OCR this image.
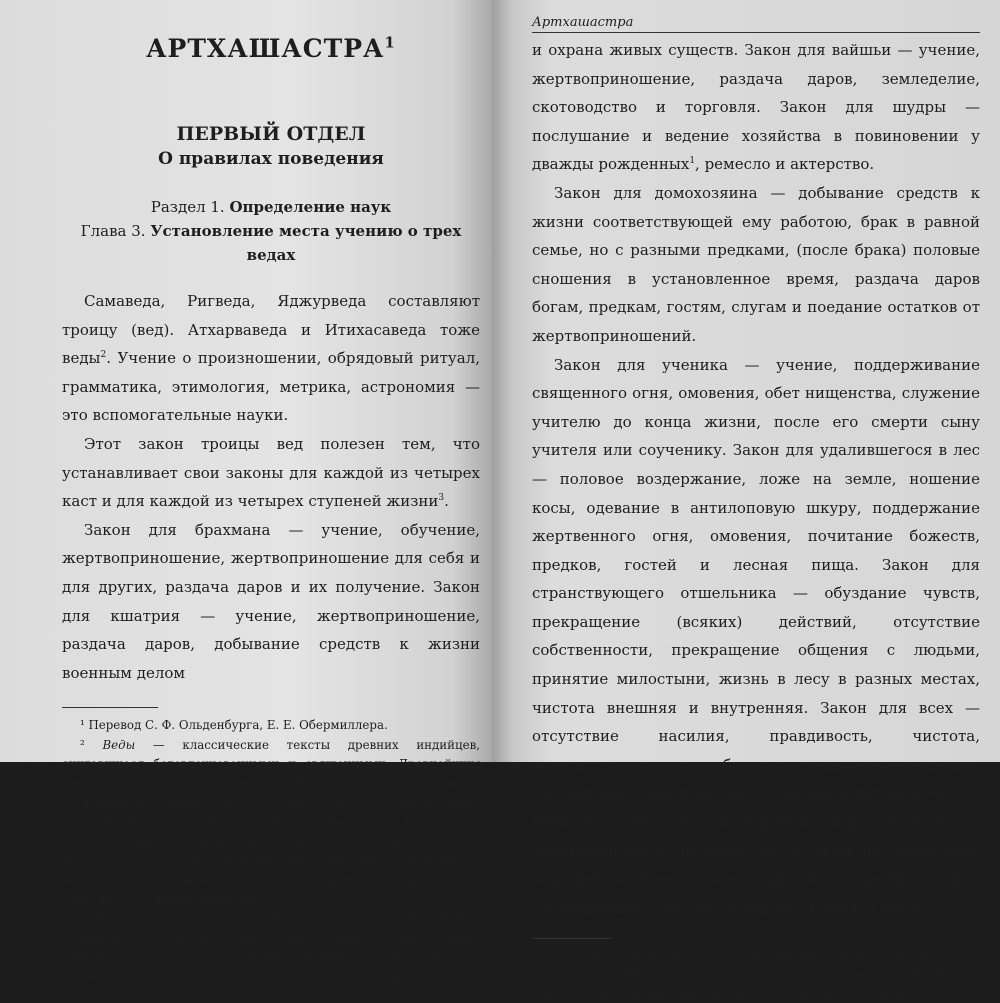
АРТХАШАСТРА$^1$
ПЕРВЫЙ ОТДЕЛ
О правилах поведения
Раздел 1. Определение наук
Глава 3. Установление места учению о трех ведах

Самаведа, Ригведа, Яджурведа составляют троицу (вед). Атхарваведа и Итихасаведа тоже веды$^2$. Учение о произношении, обрядовый ритуал, грамматика, этимология, метрика, астрономия — это вспомогательные науки.

Этот закон троицы вед полезен тем, что устанавливает свои законы для каждой из четырех каст и для каждой из четырех ступеней жизни$^3$.

Закон для брахмана — учение, обучение, жертвоприношение, жертвоприношение для себя и для других, раздача даров и их получение. Закон для кшатрия — учение, жертвоприношение, раздача даров, добывание средств к жизни военным делом

¹ Перевод С. Ф. Ольденбурга, Е. Е. Обермиллера.

² Веды — классические тексты древних индийцев, считавшиеся боговдохновенными и священными. Древнейшим таким сборником является Ригведа (Веда гимнов), создававшаяся, видимо, в XVI–IX вв. до н. э. Самаведа (Веда напевов), Яджурведа (Веда жертвенных формул) и Атхарваведа (Веда заклинаний) возникли позже, в IX–VII вв. до н. э. Итихасаведа — общее название для эпических поэм (итихас), например — «Рамаяны» или «Махабхараты», которые также считались боговдохновенными.

³ Четыре касты (четыре варны) — в данном случае четыре основных сословия: брахманы (жрецы), кшатрии (цари-воины), вайшьи (земледельцы), шудры (неприкасаемые). Четыре ступени жизни — детство, молодость, зрелость, старость.

Артхашастра

и охрана живых существ. Закон для вайшьи — учение, жертвоприношение, раздача даров, земледелие, скотоводство и торговля. Закон для шудры — послушание и ведение хозяйства в повиновении у дважды рожденных$^1$, ремесло и актерство.

Закон для домохозяина — добывание средств к жизни соответствующей ему работою, брак в равной семье, но с разными предками, (после брака) половые сношения в установленное время, раздача даров богам, предкам, гостям, слугам и поедание остатков от жертвоприношений.

Закон для ученика — учение, поддерживание священного огня, омовения, обет нищенства, служение учителю до конца жизни, после его смерти сыну учителя или соученику. Закон для удалившегося в лес — половое воздержание, ложе на земле, ношение косы, одевание в антилоповую шкуру, поддержание жертвенного огня, омовения, почитание божеств, предков, гостей и лесная пища. Закон для странствующего отшельника — обуздание чувств, прекращение (всяких) действий, отсутствие собственности, прекращение общения с людьми, принятие милостыни, жизнь в лесу в разных местах, чистота внешняя и внутренняя. Закон для всех — отсутствие насилия, правдивость, чистота, независтливость, незлобивость, прощение и терпение. Соблюдение (каждым) своего закона ведет на небо и к вечности. При его нарушении мир погибает от смешения каст. Поэтому пусть царь не допускает нарушения своего закона живыми существами, ибо соблюдающий свой закон радуется здесь и после

¹ Дважды рожденные — три высшие касты, которым было дозволено посвящение в различные науки и жреческие виды знания. Приобретение знания приравнивалось ко второму рождению.
